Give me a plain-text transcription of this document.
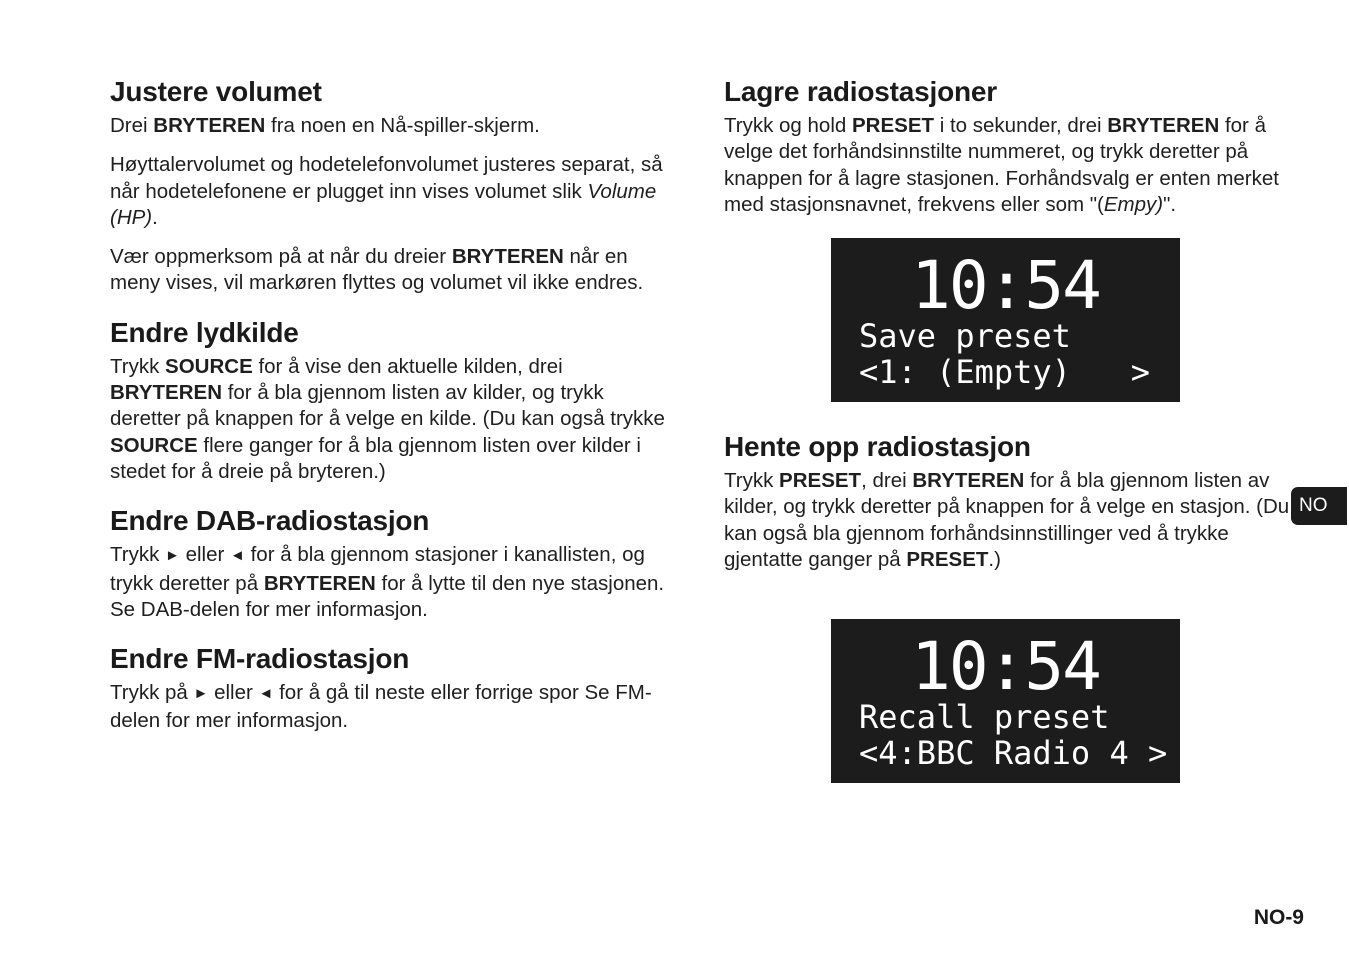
Justere volumet

Drei BRYTEREN fra noen en Nå-spiller-skjerm.

Høyttalervolumet og hodetelefonvolumet justeres separat, så når hodetelefonene er plugget inn vises volumet slik Volume (HP).

Vær oppmerksom på at når du dreier BRYTEREN når en meny vises, vil markøren flyttes og volumet vil ikke endres.

Endre lydkilde

Trykk SOURCE for å vise den aktuelle kilden, drei BRYTEREN for å bla gjennom listen av kilder, og trykk deretter på knappen for å velge en kilde. (Du kan også trykke SOURCE flere ganger for å bla gjennom listen over kilder i stedet for å dreie på bryteren.)

Endre DAB-radiostasjon

Trykk ► eller ◄ for å bla gjennom stasjoner i kanallisten, og trykk deretter på BRYTEREN for å lytte til den nye stasjonen. Se DAB-delen for mer informasjon.

Endre FM-radiostasjon

Trykk på ► eller ◄ for å gå til neste eller forrige spor Se FM-delen for mer informasjon.

Lagre radiostasjoner

Trykk og hold PRESET i to sekunder, drei BRYTEREN for å velge det forhåndsinnstilte nummeret, og trykk deretter på knappen for å lagre stasjonen. Forhåndsvalg er enten merket med stasjonsnavnet, frekvens eller som "(Empy)".

Hente opp radiostasjon

Trykk PRESET, drei BRYTEREN for å bla gjennom listen av kilder, og trykk deretter på knappen for å velge en stasjon. (Du kan også bla gjennom forhåndsinnstillinger ved å trykke gjentatte ganger på PRESET.)

10:54
Save preset
<1: (Empty) >
10:54
Recall preset
<4:BBC Radio 4 >
NO
NO-9
